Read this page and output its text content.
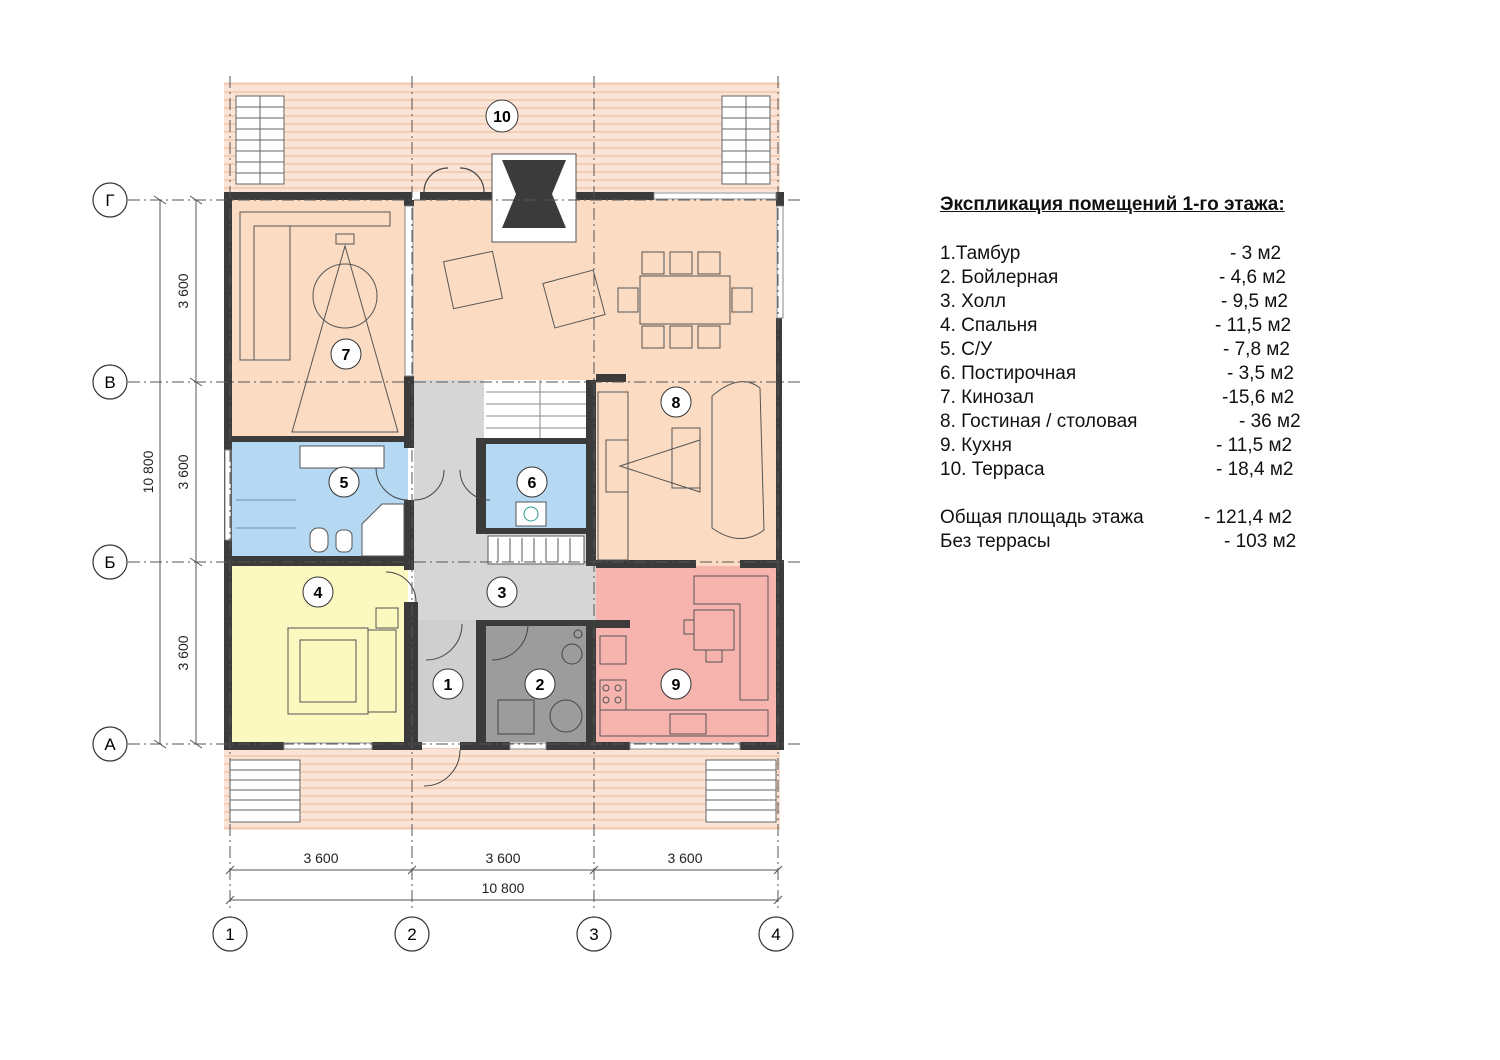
Г
В
Б
А
1	2	3	4
3 600
3 600
3 600
10 800
3 600	3 600	3 600
10 800
1	2
3
4
5	6
7
8
9
10
Экспликация помещений 1-го этажа:
1.Тамбур	- 3 м2
2. Бойлерная	- 4,6 м2
3. Холл	- 9,5 м2
4. Спальня	- 11,5 м2
5. С/У	- 7,8 м2
6. Постирочная	- 3,5 м2
7. Кинозал	-15,6 м2
8. Гостиная / столовая	- 36 м2
9. Кухня	- 11,5 м2
10. Терраса	- 18,4 м2
Общая площадь этажа	- 121,4 м2
Без террасы	- 103 м2
